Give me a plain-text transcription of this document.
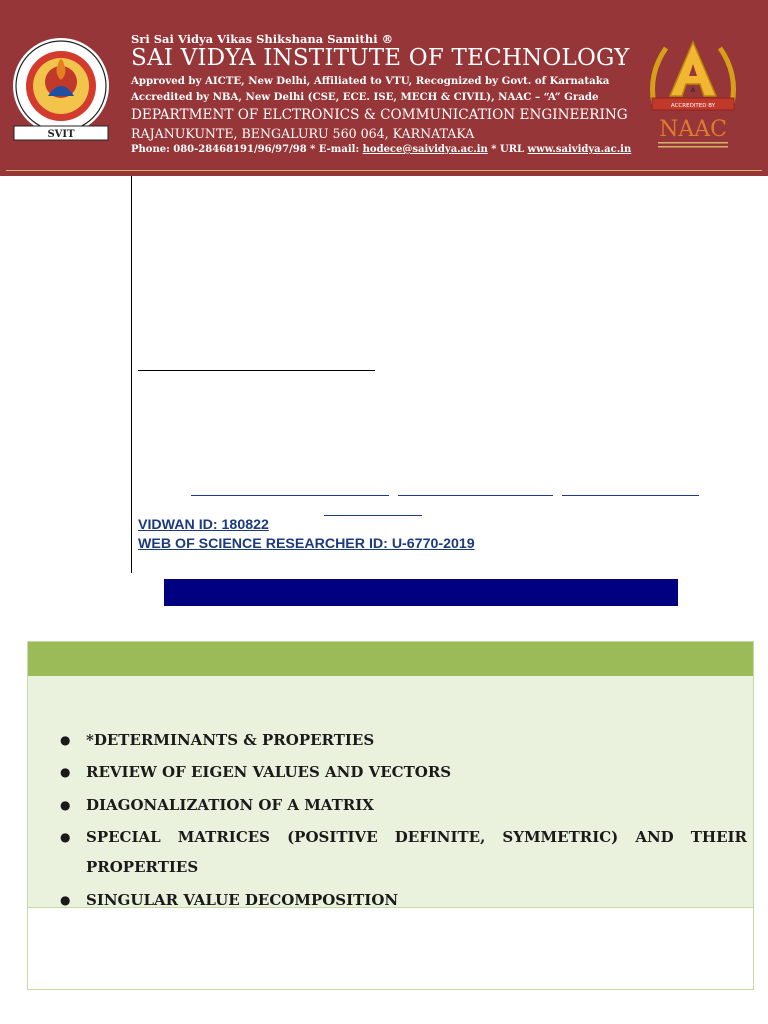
SVIT
Sri Sai Vidya Vikas Shikshana Samithi ®
SAI VIDYA INSTITUTE OF TECHNOLOGY
Approved by AICTE, New Delhi, Affiliated to VTU, Recognized by Govt. of Karnataka
Accredited by NBA, New Delhi (CSE, ECE. ISE, MECH & CIVIL), NAAC – “A” Grade
DEPARTMENT OF ELCTRONICS & COMMUNICATION ENGINEERING
RAJANUKUNTE, BENGALURU 560 064, KARNATAKA
Phone: 080-28468191/96/97/98 * E-mail: hodece@saividya.ac.in * URL www.saividya.ac.in
A
ACCREDITED BY
NAAC
VIDWAN ID: 180822
WEB OF SCIENCE RESEARCHER ID: U-6770-2019
● *DETERMINANTS & PROPERTIES
● REVIEW OF EIGEN VALUES AND VECTORS
● DIAGONALIZATION OF A MATRIX
● SPECIAL MATRICES (POSITIVE DEFINITE, SYMMETRIC) AND THEIR
PROPERTIES
● SINGULAR VALUE DECOMPOSITION
